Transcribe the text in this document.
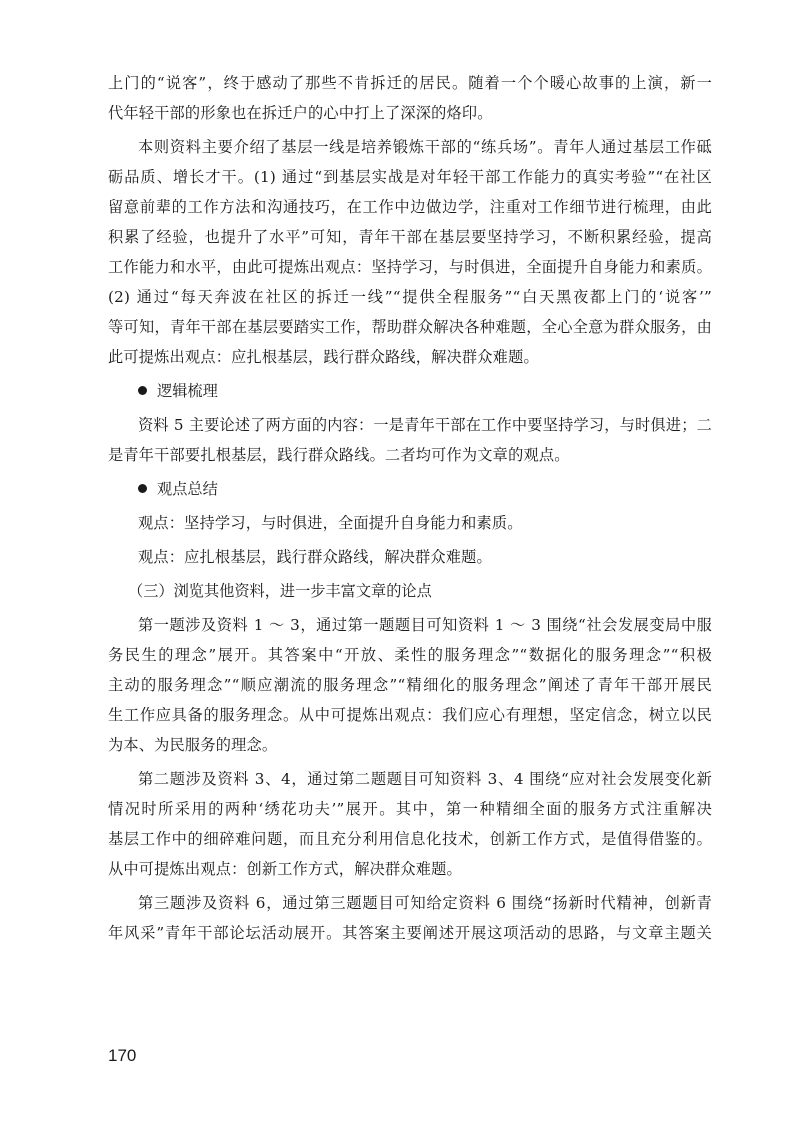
上门的“说客”，终于感动了那些不肯拆迁的居民。随着一个个暖心故事的上演，新一
代年轻干部的形象也在拆迁户的心中打上了深深的烙印。
本则资料主要介绍了基层一线是培养锻炼干部的“练兵场”。青年人通过基层工作砥
砺品质、增长才干。(1) 通过“到基层实战是对年轻干部工作能力的真实考验”“在社区
留意前辈的工作方法和沟通技巧，在工作中边做边学，注重对工作细节进行梳理，由此
积累了经验，也提升了水平”可知，青年干部在基层要坚持学习，不断积累经验，提高
工作能力和水平，由此可提炼出观点：坚持学习，与时俱进，全面提升自身能力和素质。
(2) 通过“每天奔波在社区的拆迁一线”“提供全程服务”“白天黑夜都上门的‘说客’”
等可知，青年干部在基层要踏实工作，帮助群众解决各种难题，全心全意为群众服务，由
此可提炼出观点：应扎根基层，践行群众路线，解决群众难题。
逻辑梳理
资料 5 主要论述了两方面的内容：一是青年干部在工作中要坚持学习，与时俱进；二
是青年干部要扎根基层，践行群众路线。二者均可作为文章的观点。
观点总结
观点：坚持学习，与时俱进，全面提升自身能力和素质。
观点：应扎根基层，践行群众路线，解决群众难题。
（三）浏览其他资料，进一步丰富文章的论点
第一题涉及资料 1 ～ 3，通过第一题题目可知资料 1 ～ 3 围绕“社会发展变局中服
务民生的理念”展开。其答案中“开放、柔性的服务理念”“数据化的服务理念”“积极
主动的服务理念”“顺应潮流的服务理念”“精细化的服务理念”阐述了青年干部开展民
生工作应具备的服务理念。从中可提炼出观点：我们应心有理想，坚定信念，树立以民
为本、为民服务的理念。
第二题涉及资料 3、4，通过第二题题目可知资料 3、4 围绕“应对社会发展变化新
情况时所采用的两种‘绣花功夫’”展开。其中，第一种精细全面的服务方式注重解决
基层工作中的细碎难问题，而且充分利用信息化技术，创新工作方式，是值得借鉴的。
从中可提炼出观点：创新工作方式，解决群众难题。
第三题涉及资料 6，通过第三题题目可知给定资料 6 围绕“扬新时代精神，创新青
年风采”青年干部论坛活动展开。其答案主要阐述开展这项活动的思路，与文章主题关
170
